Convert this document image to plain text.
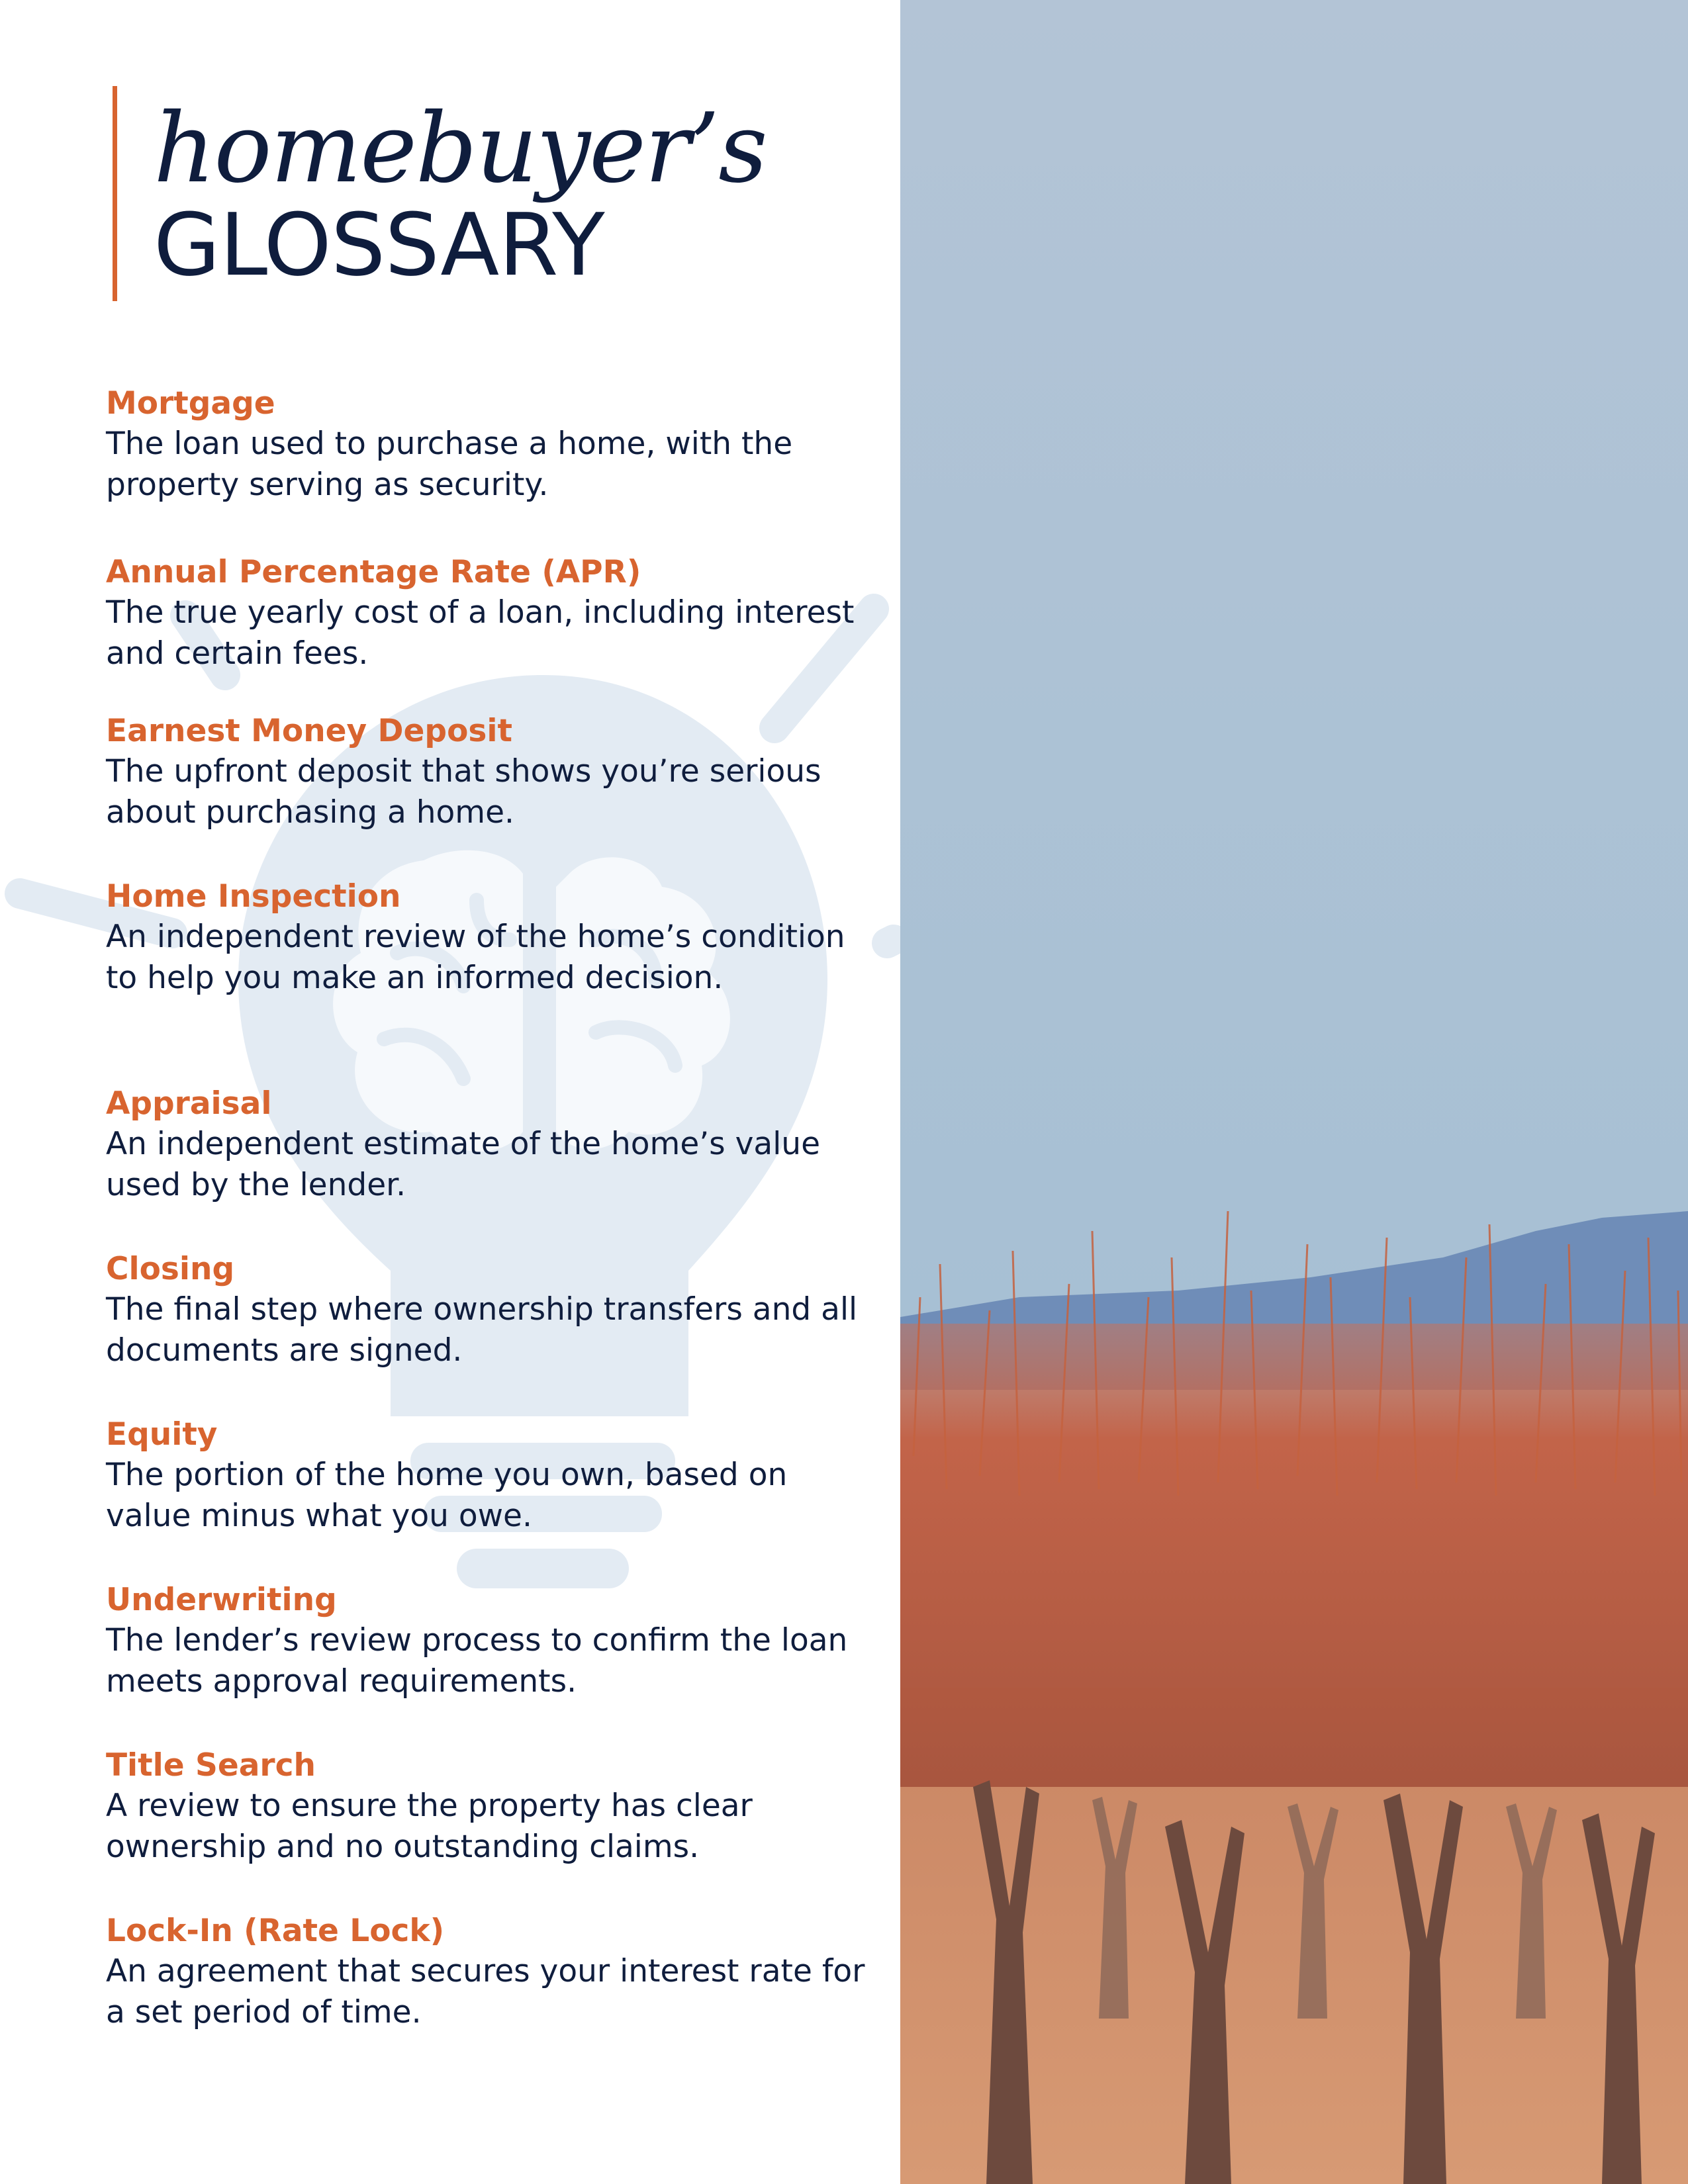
homebuyer’s
GLOSSARY
Mortgage
The loan used to purchase a home, with the property serving as security.
Annual Percentage Rate (APR)
The true yearly cost of a loan, including interest and certain fees.
Earnest Money Deposit
The upfront deposit that shows you’re serious about purchasing a home.
Home Inspection
An independent review of the home’s condition to help you make an informed decision.
Appraisal
An independent estimate of the home’s value used by the lender.
Closing
The final step where ownership transfers and all documents are signed.
Equity
The portion of the home you own, based on value minus what you owe.
Underwriting
The lender’s review process to confirm the loan meets approval requirements.
Title Search
A review to ensure the property has clear ownership and no outstanding claims.
Lock-In (Rate Lock)
An agreement that secures your interest rate for a set period of time.
